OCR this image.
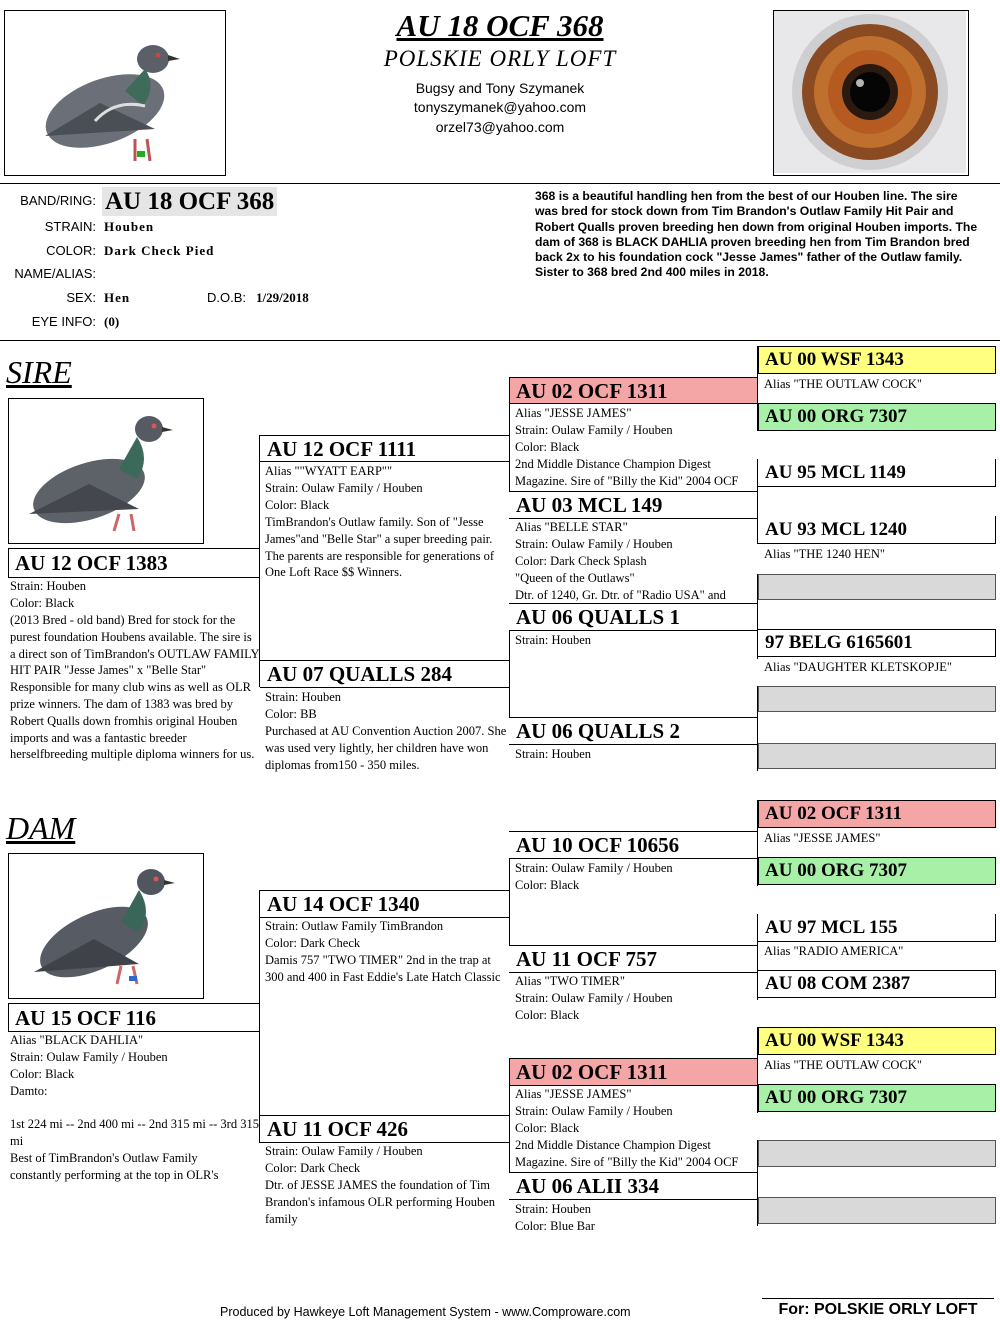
AU 18 OCF 368
POLSKIE ORLY LOFT
Bugsy and Tony Szymanek
tonyszymanek@yahoo.com
orzel73@yahoo.com
BAND/RING: AU 18 OCF 368
STRAIN: Houben
COLOR: Dark Check Pied
NAME/ALIAS:
SEX: Hen	D.O.B: 1/29/2018
EYE INFO: (0)
368 is a beautiful handling hen from the best of our Houben line. The sire was bred for stock down from Tim Brandon's Outlaw Family Hit Pair and Robert Qualls proven breeding hen down from original Houben imports. The dam of 368 is BLACK DAHLIA proven breeding hen from Tim Brandon bred back 2x to his foundation cock "Jesse James" father of the Outlaw family. Sister to 368 bred 2nd 400 miles in 2018.
SIRE
AU 12 OCF 1383
Strain: Houben
Color: Black
(2013 Bred - old band) Bred for stock for the purest foundation Houbens available. The sire is a direct son of TimBrandon's OUTLAW FAMILY HIT PAIR "Jesse James" x "Belle Star" Responsible for many club wins as well as OLR prize winners. The dam of 1383 was bred by Robert Qualls down fromhis original Houben imports and was a fantastic breeder herselfbreeding multiple diploma winners for us.
AU 12 OCF 1111
Alias ""WYATT EARP""
Strain: Oulaw Family / Houben
Color: Black
TimBrandon's Outlaw family. Son of "Jesse James"and "Belle Star" a super breeding pair. The parents are responsible for generations of One Loft Race $$ Winners.
AU 07 QUALLS 284
Strain: Houben
Color: BB
Purchased at AU Convention Auction 2007. She was used very lightly, her children have won diplomas from150 - 350 miles.
AU 02 OCF 1311
Alias "JESSE JAMES"
Strain: Oulaw Family / Houben
Color: Black
2nd Middle Distance Champion Digest
Magazine. Sire of "Billy the Kid" 2004 OCF
AU 03 MCL 149
Alias "BELLE STAR"
Strain: Oulaw Family / Houben
Color: Dark Check Splash
"Queen of the Outlaws"
Dtr. of 1240, Gr. Dtr. of "Radio USA" and
AU 06 QUALLS 1
Strain: Houben
AU 06 QUALLS 2
Strain: Houben
AU 00 WSF 1343
Alias "THE OUTLAW COCK"
AU 00 ORG 7307
AU 95 MCL 1149
AU 93 MCL 1240
Alias "THE 1240 HEN"
97 BELG 6165601
Alias "DAUGHTER KLETSKOPJE"
DAM
AU 15 OCF 116
Alias "BLACK DAHLIA"
Strain: Oulaw Family / Houben
Color: Black
Damto:
1st 224 mi -- 2nd 400 mi -- 2nd 315 mi -- 3rd 315 mi
Best of TimBrandon's Outlaw Family constantly performing at the top in OLR's
AU 14 OCF 1340
Strain: Outlaw Family TimBrandon
Color: Dark Check
Damis 757 "TWO TIMER" 2nd in the trap at 300 and 400 in Fast Eddie's Late Hatch Classic
AU 11 OCF 426
Strain: Oulaw Family / Houben
Color: Dark Check
Dtr. of JESSE JAMES the foundation of Tim Brandon's infamous OLR performing Houben family
AU 10 OCF 10656
Strain: Oulaw Family / Houben
Color: Black
AU 11 OCF 757
Alias "TWO TIMER"
Strain: Oulaw Family / Houben
Color: Black
AU 02 OCF 1311
Alias "JESSE JAMES"
Strain: Oulaw Family / Houben
Color: Black
2nd Middle Distance Champion Digest
Magazine. Sire of "Billy the Kid" 2004 OCF
AU 06 ALII 334
Strain: Houben
Color: Blue Bar
AU 02 OCF 1311
Alias "JESSE JAMES"
AU 00 ORG 7307
AU 97 MCL 155
Alias "RADIO AMERICA"
AU 08 COM 2387
AU 00 WSF 1343
Alias "THE OUTLAW COCK"
AU 00 ORG 7307
Produced by Hawkeye Loft Management System - www.Comproware.com	For: POLSKIE ORLY LOFT
